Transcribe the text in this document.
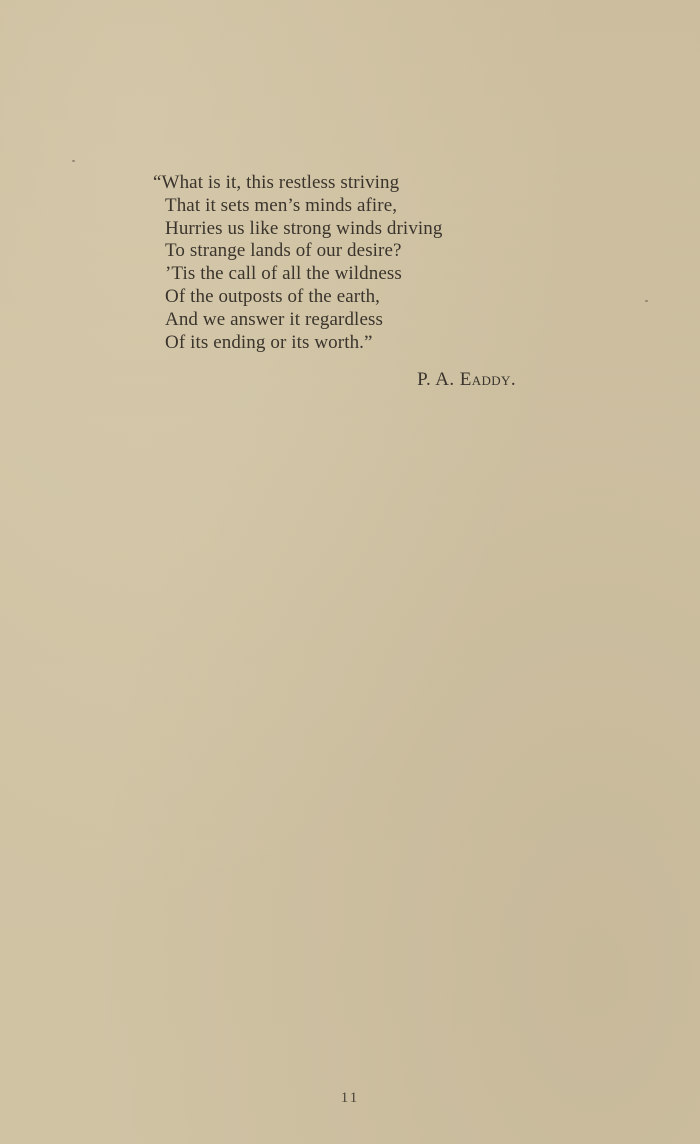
“What is it, this restless striving
That it sets men’s minds afire,
Hurries us like strong winds driving
To strange lands of our desire?
’Tis the call of all the wildness
Of the outposts of the earth,
And we answer it regardless
Of its ending or its worth.”
P. A. Eaddy.
11
